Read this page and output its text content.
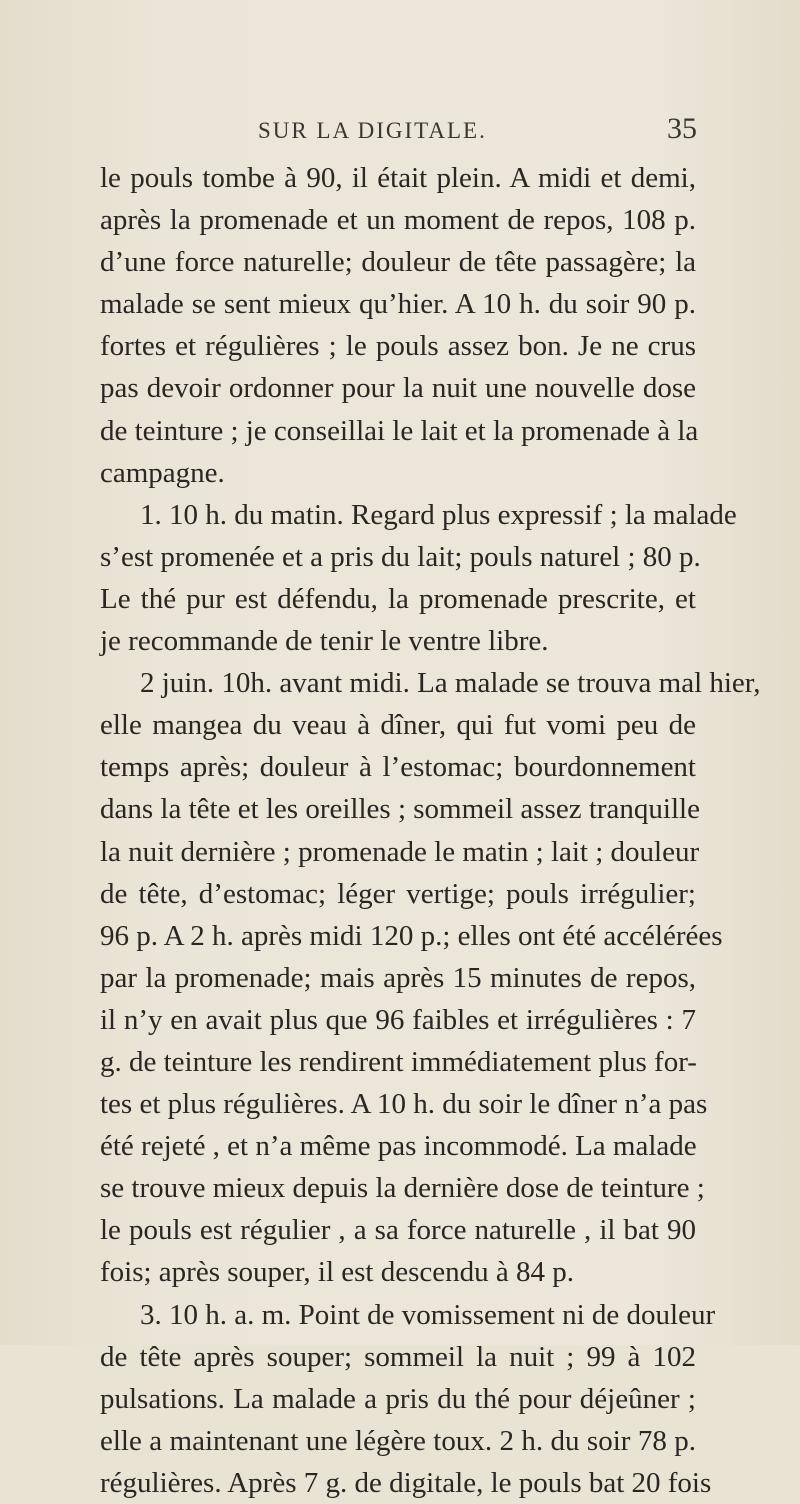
SUR LA DIGITALE.	35
le pouls tombe à 90, il était plein. A midi et demi,
après la promenade et un moment de repos, 108 p.
d’une force naturelle; douleur de tête passagère; la
malade se sent mieux qu’hier. A 10 h. du soir 90 p.
fortes et régulières ; le pouls assez bon. Je ne crus
pas devoir ordonner pour la nuit une nouvelle dose
de teinture ; je conseillai le lait et la promenade à la
campagne.
1. 10 h. du matin. Regard plus expressif ; la malade
s’est promenée et a pris du lait; pouls naturel ; 80 p.
Le thé pur est défendu, la promenade prescrite, et
je recommande de tenir le ventre libre.
2 juin. 10h. avant midi. La malade se trouva mal hier,
elle mangea du veau à dîner, qui fut vomi peu de
temps après; douleur à l’estomac; bourdonnement
dans la tête et les oreilles ; sommeil assez tranquille
la nuit dernière ; promenade le matin ; lait ; douleur
de tête, d’estomac; léger vertige; pouls irrégulier;
96 p. A 2 h. après midi 120 p.; elles ont été accélérées
par la promenade; mais après 15 minutes de repos,
il n’y en avait plus que 96 faibles et irrégulières : 7
g. de teinture les rendirent immédiatement plus for-
tes et plus régulières. A 10 h. du soir le dîner n’a pas
été rejeté , et n’a même pas incommodé. La malade
se trouve mieux depuis la dernière dose de teinture ;
le pouls est régulier , a sa force naturelle , il bat 90
fois; après souper, il est descendu à 84 p.
3. 10 h. a. m. Point de vomissement ni de douleur
de tête après souper; sommeil la nuit ; 99 à 102
pulsations. La malade a pris du thé pour déjeûner ;
elle a maintenant une légère toux. 2 h. du soir 78 p.
régulières. Après 7 g. de digitale, le pouls bat 20 fois
